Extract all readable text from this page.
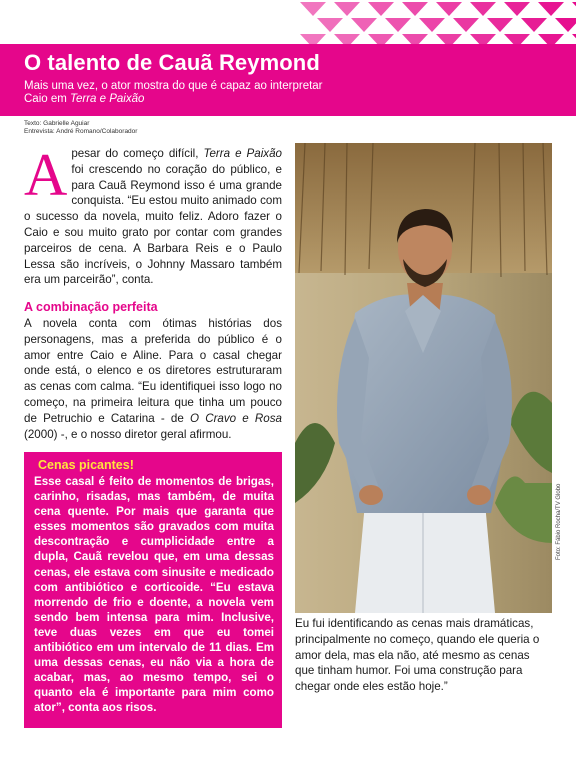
O talento de Cauã Reymond

Mais uma vez, o ator mostra do que é capaz ao interpretar Caio em Terra e Paixão

Texto: Gabrielle Aguiar
Entrevista: André Romano/Colaborador

Apesar do começo difícil, Terra e Paixão foi crescendo no coração do público, e para Cauã Reymond isso é uma grande conquista. “Eu estou muito animado com o sucesso da novela, muito feliz. Adoro fazer o Caio e sou muito grato por contar com grandes parceiros de cena. A Barbara Reis e o Paulo Lessa são incríveis, o Johnny Massaro também era um parceirão”, conta.

A combinação perfeita

A novela conta com ótimas histórias dos personagens, mas a preferida do público é o amor entre Caio e Aline. Para o casal chegar onde está, o elenco e os diretores estruturaram as cenas com calma. “Eu identifiquei isso logo no começo, na primeira leitura que tinha um pouco de Petruchio e Catarina - de O Cravo e Rosa (2000) -, e o nosso diretor geral afirmou.

Foto: Fábio Rocha/TV Globo

Cenas picantes!

Esse casal é feito de momentos de brigas, carinho, risadas, mas também, de muita cena quente. Por mais que garanta que esses momentos são gravados com muita descontração e cumplicidade entre a dupla, Cauã revelou que, em uma dessas cenas, ele estava com sinusite e medicado com antibiótico e corticoide. “Eu estava morrendo de frio e doente, a novela vem sendo bem intensa para mim. Inclusive, teve duas vezes em que eu tomei antibiótico em um intervalo de 11 dias. Em uma dessas cenas, eu não via a hora de acabar, mas, ao mesmo tempo, sei o quanto ela é importante para mim como ator”, conta aos risos.

Eu fui identificando as cenas mais dramáticas, principalmente no começo, quando ele queria o amor dela, mas ela não, até mesmo as cenas que tinham humor. Foi uma construção para chegar onde eles estão hoje.”
